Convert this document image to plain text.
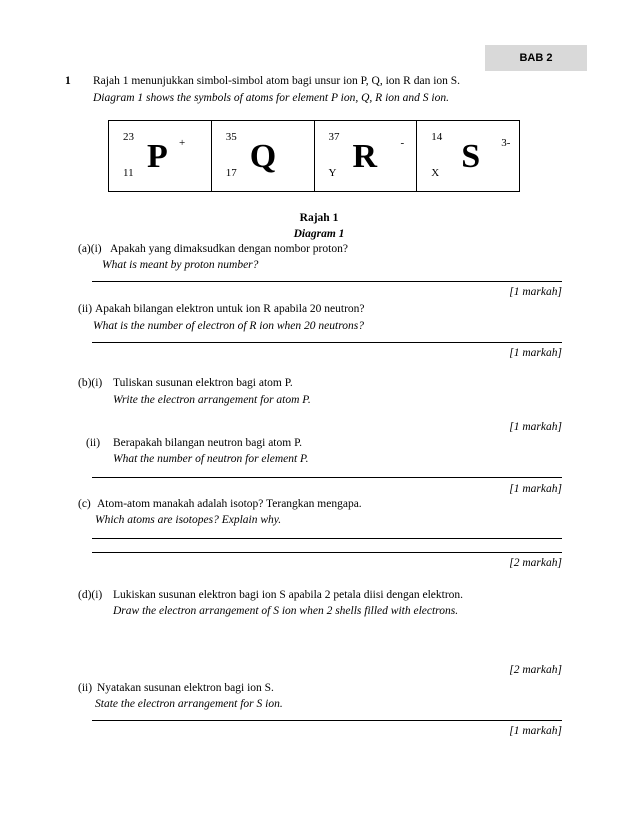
BAB 2
1 Rajah 1 menunjukkan simbol-simbol atom bagi unsur ion P, Q, ion R dan ion S.
Diagram 1 shows the symbols of atoms for element P ion, Q, R ion and S ion.
23
11 P +	35
17 Q

37
Y R -	14
X S 3-
Rajah 1
Diagram 1
(a)(i) Apakah yang dimaksudkan dengan nombor proton?
What is meant by proton number?
[1 markah]
(ii) Apakah bilangan elektron untuk ion R apabila 20 neutron?
What is the number of electron of R ion when 20 neutrons?
[1 markah]
(b)(i) Tuliskan susunan elektron bagi atom P.
Write the electron arrangement for atom P.
[1 markah]
(ii) Berapakah bilangan neutron bagi atom P.
What the number of neutron for element P.
[1 markah]
(c) Atom-atom manakah adalah isotop? Terangkan mengapa.
Which atoms are isotopes? Explain why.
[2 markah]
(d)(i) Lukiskan susunan elektron bagi ion S apabila 2 petala diisi dengan elektron.
Draw the electron arrangement of S ion when 2 shells filled with electrons.
[2 markah]
(ii) Nyatakan susunan elektron bagi ion S.
State the electron arrangement for S ion.
[1 markah]
